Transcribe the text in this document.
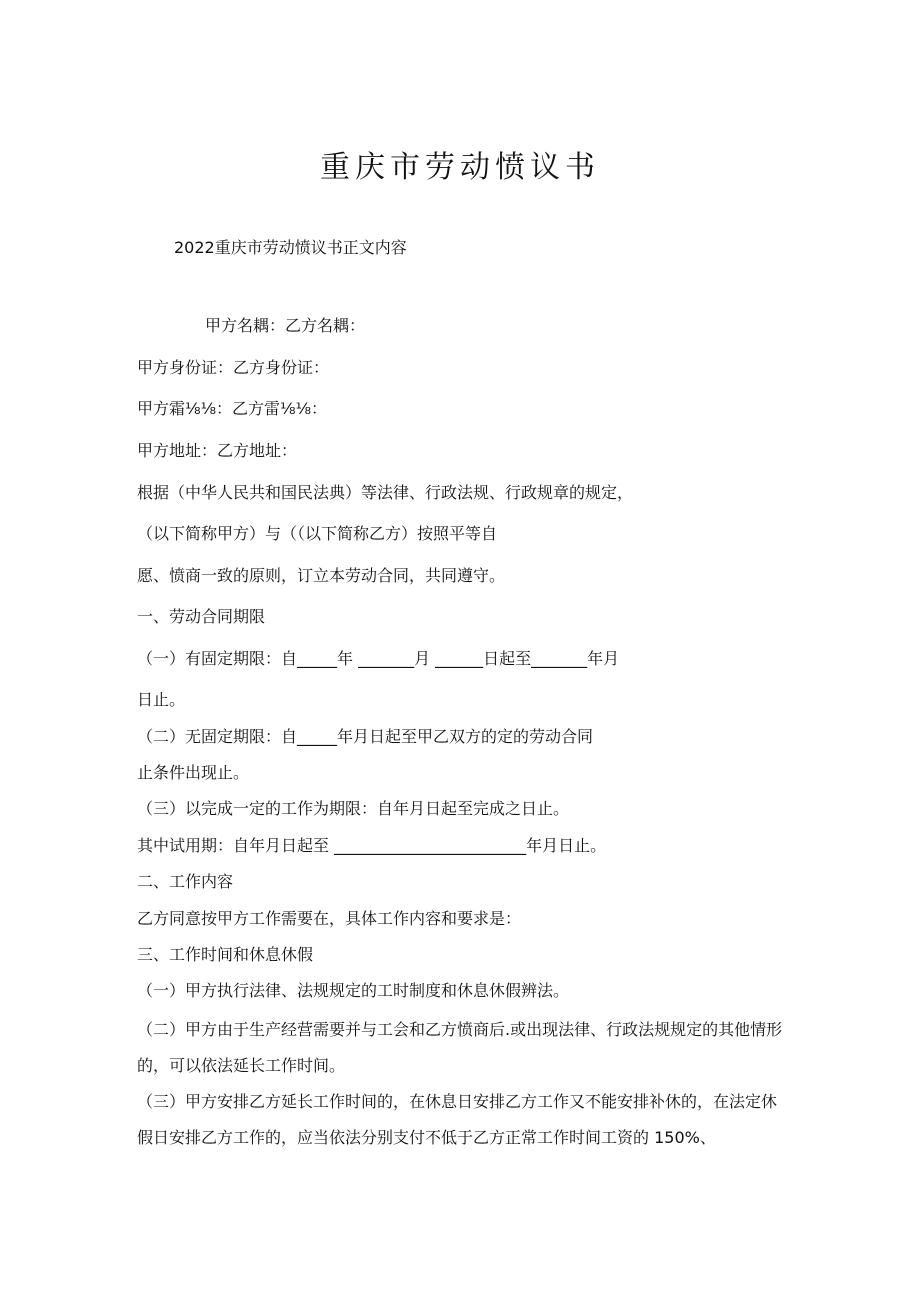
重庆市劳动愤议书

2022重庆市劳动愤议书正文内容

甲方名耦：乙方名耦：

甲方身份证：乙方身份证：

甲方霜⅛⅛：乙方雷⅛⅛：

甲方地址：乙方地址：

根据（中华人民共和国民法典）等法律、行政法规、行政规章的规定，

（以下简称甲方）与（（以下简称乙方）按照平等自

愿、愤商一致的原则，订立本劳动合同，共同遵守。

一、劳动合同期限

（一）有固定期限：自_____年 _______月 ______日起至_______年月

日止。

（二）无固定期限：自_____年月日起至甲乙双方的定的劳动合同

止条件出现止。

（三）以完成一定的工作为期限：自年月日起至完成之日止。

其中试用期：自年月日起至 ________________________年月日止。

二、工作内容

乙方同意按甲方工作需要在，具体工作内容和要求是：

三、工作时间和休息休假

（一）甲方执行法律、法规规定的工时制度和休息休假辨法。

（二）甲方由于生产经营需要并与工会和乙方愤商后.或出现法律、行政法规规定的其他情形的，可以依法延长工作时间。

（三）甲方安排乙方延长工作时间的，在休息日安排乙方工作又不能安排补休的，在法定休假日安排乙方工作的，应当依法分别支付不低于乙方正常工作时间工资的 150%、
